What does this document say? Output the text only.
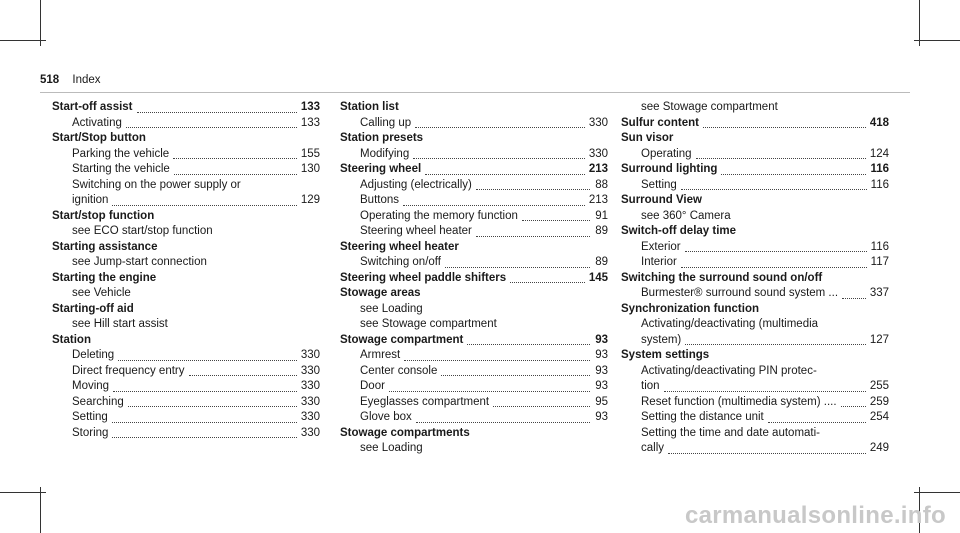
518 Index
Start-off assist	133
Activating	133
Start/Stop button
Parking the vehicle	155
Starting the vehicle	130
Switching on the power supply or
ignition	129
Start/stop function
see ECO start/stop function
Starting assistance
see Jump-start connection
Starting the engine
see Vehicle
Starting-off aid
see Hill start assist
Station
Deleting	330
Direct frequency entry	330
Moving	330
Searching	330
Setting	330
Storing	330
Station list
Calling up	330
Station presets
Modifying	330
Steering wheel	213
Adjusting (electrically)	88
Buttons	213
Operating the memory function	91
Steering wheel heater	89
Steering wheel heater
Switching on/off	89
Steering wheel paddle shifters	145
Stowage areas
see Loading
see Stowage compartment
Stowage compartment	93
Armrest	93
Center console	93
Door	93
Eyeglasses compartment	95
Glove box	93
Stowage compartments
see Loading
see Stowage compartment
Sulfur content	418
Sun visor
Operating	124
Surround lighting	116
Setting	116
Surround View
see 360° Camera
Switch-off delay time
Exterior	116
Interior	117
Switching the surround sound on/off
Burmester® surround sound system ...	337
Synchronization function
Activating/deactivating (multimedia
system)	127
System settings
Activating/deactivating PIN protec-
tion	255
Reset function (multimedia system) ....	259
Setting the distance unit	254
Setting the time and date automati-
cally	249
carmanualsonline.info
